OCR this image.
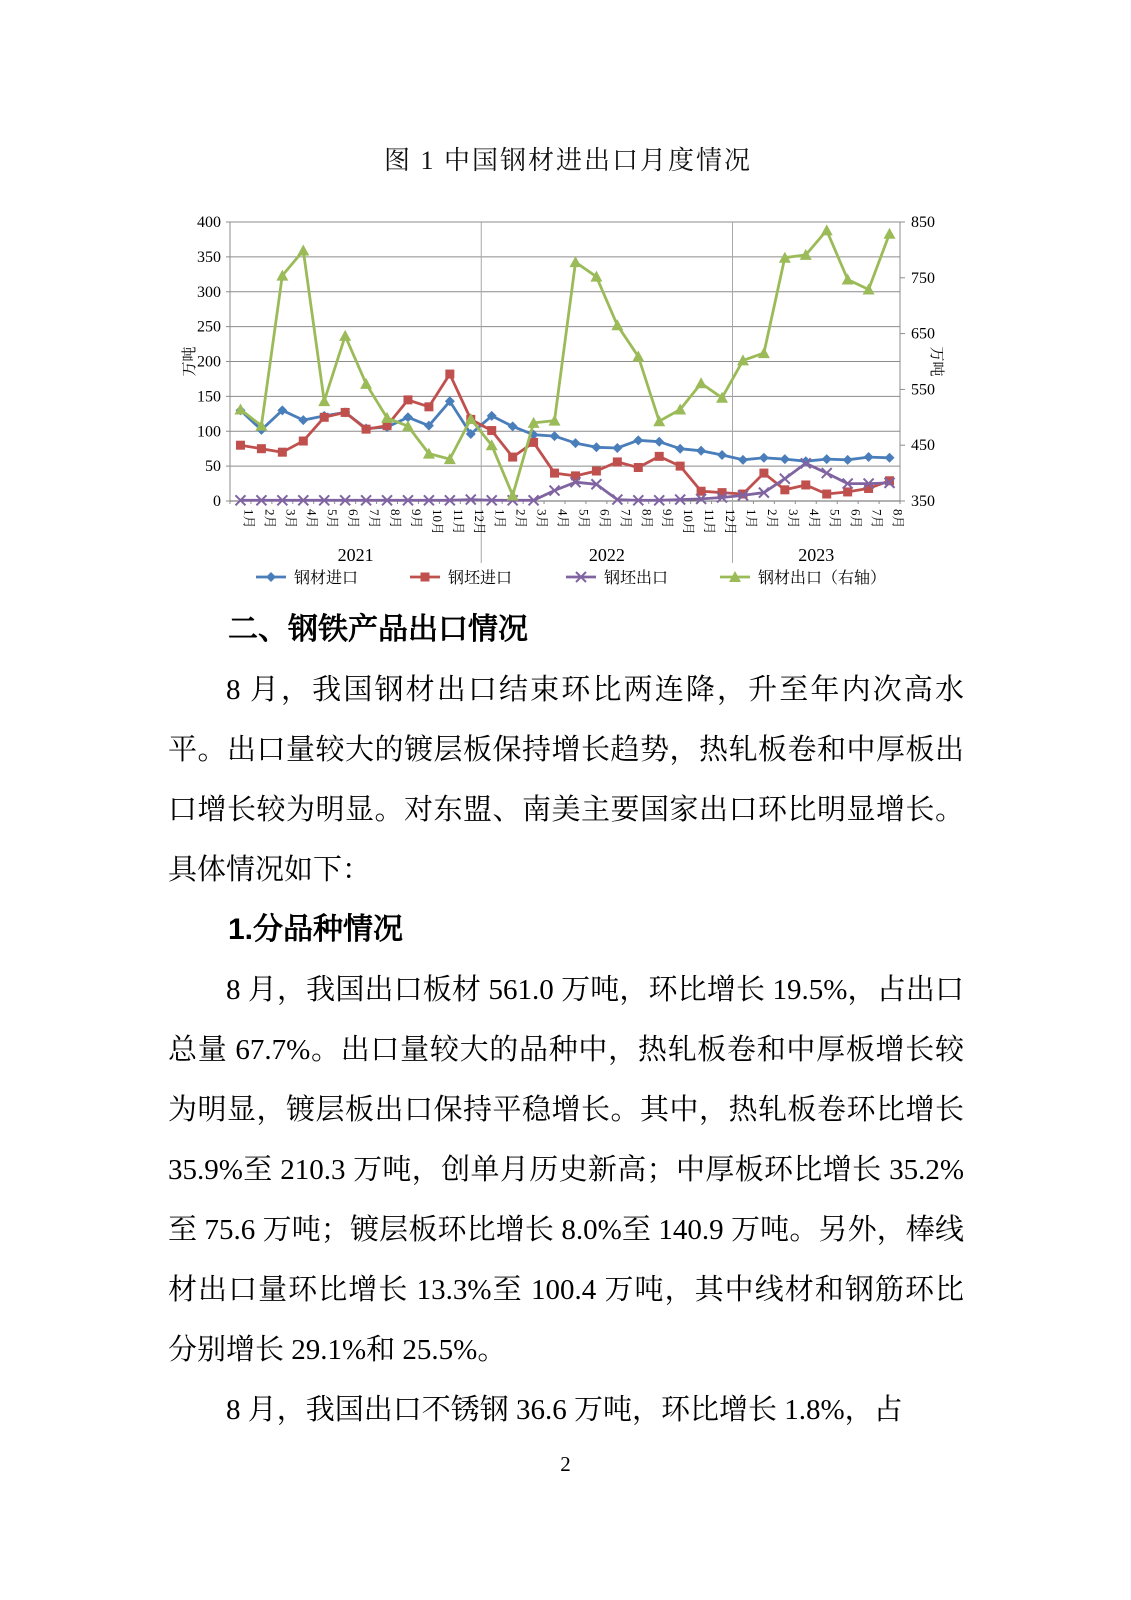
图 1 中国钢材进出口月度情况
0
50
100
150
200
250
300
350
400
350
450
550
650
750
850
2021	2022	2023
1月 2月 3月 4月 5月 6月 7月 8月 9月 10月 11月 12月 1月 2月 3月 4月 5月 6月 7月 8月 9月 10月 11月 12月 1月 2月 3月 4月 5月 6月 7月 8月
万吨	万吨
钢材进口	钢坯进口	钢坯出口	钢材出口（右轴）

二、钢铁产品出口情况

8 月，我国钢材出口结束环比两连降，升至年内次高水平。出口量较大的镀层板保持增长趋势，热轧板卷和中厚板出口增长较为明显。对东盟、南美主要国家出口环比明显增长。具体情况如下：

1.分品种情况

8 月，我国出口板材 561.0 万吨，环比增长 19.5%，占出口总量 67.7%。出口量较大的品种中，热轧板卷和中厚板增长较为明显，镀层板出口保持平稳增长。其中，热轧板卷环比增长 35.9%至 210.3 万吨，创单月历史新高；中厚板环比增长 35.2%至 75.6 万吨；镀层板环比增长 8.0%至 140.9 万吨。另外，棒线材出口量环比增长 13.3%至 100.4 万吨，其中线材和钢筋环比分别增长 29.1%和 25.5%。

8 月，我国出口不锈钢 36.6 万吨，环比增长 1.8%，占

2
